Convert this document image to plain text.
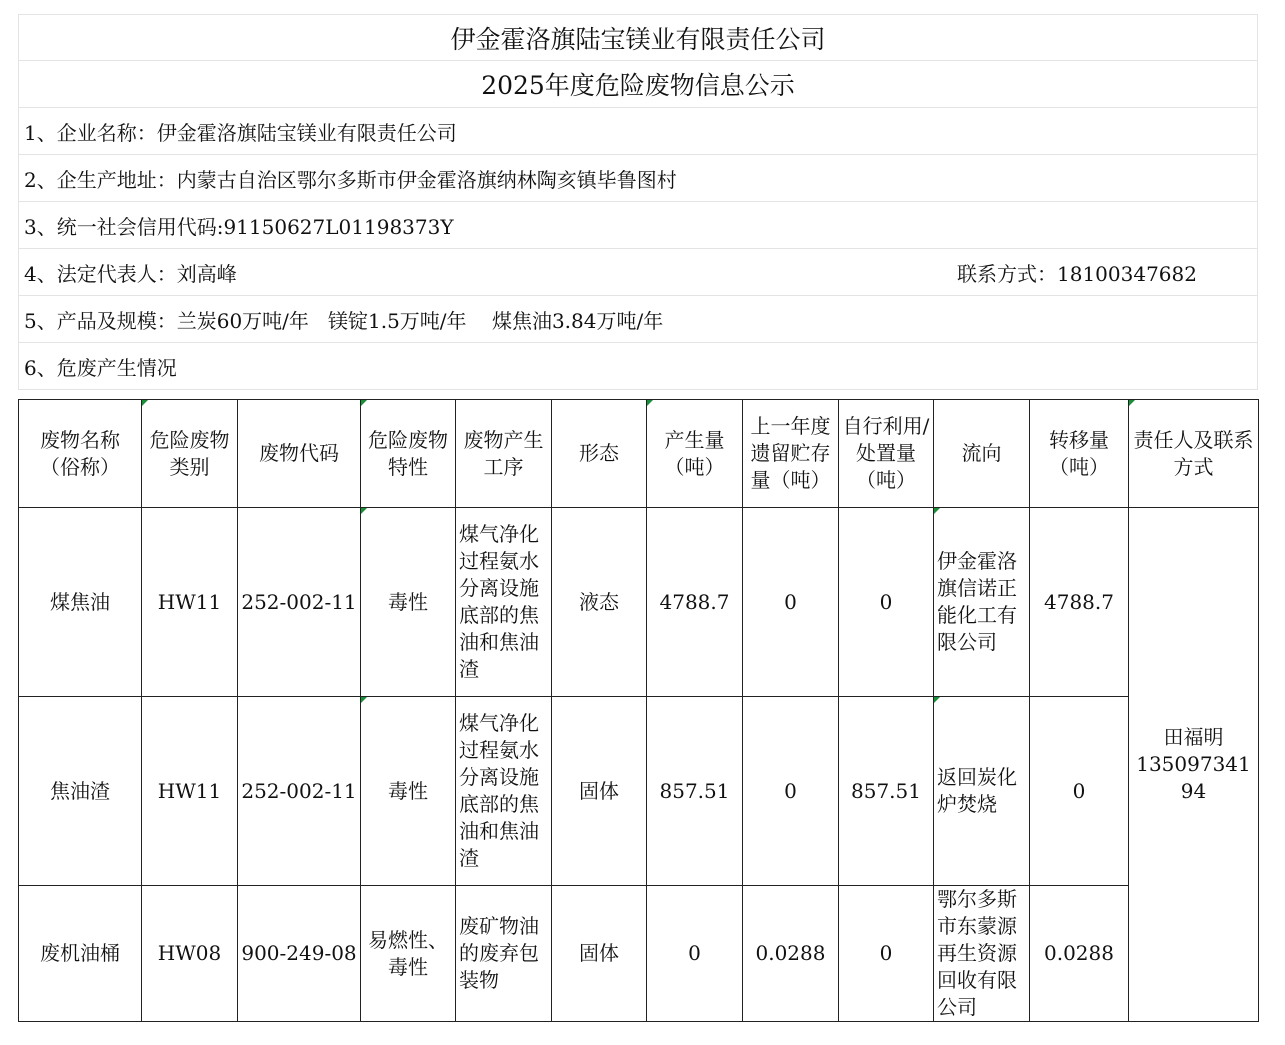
伊金霍洛旗陆宝镁业有限责任公司
2025年度危险废物信息公示
1、企业名称：伊金霍洛旗陆宝镁业有限责任公司
2、企生产地址：内蒙古自治区鄂尔多斯市伊金霍洛旗纳林陶亥镇毕鲁图村
3、统一社会信用代码:91150627L01198373Y
4、法定代表人：刘高峰	联系方式：18100347682
5、产品及规模：兰炭60万吨/年   镁锭1.5万吨/年    煤焦油3.84万吨/年
6、危废产生情况
废物名称（俗称）	危险废物类别	废物代码	危险废物特性	废物产生工序	形态	产生量（吨）	上一年度遗留贮存量（吨）	自行利用/处置量（吨）	流向	转移量（吨）	责任人及联系方式

煤焦油	HW11	252-002-11	毒性	煤气净化过程氨水分离设施底部的焦油和焦油渣	液态	4788.7	0	0	伊金霍洛旗信诺正能化工有限公司	4788.7	田福明
13509734194

焦油渣	HW11	252-002-11	毒性	煤气净化过程氨水分离设施底部的焦油和焦油渣	固体	857.51	0	857.51	返回炭化炉焚烧	0	
废机油桶	HW08	900-249-08	易燃性、毒性	废矿物油的废弃包装物	固体	0	0.0288	0	鄂尔多斯市东蒙源再生资源回收有限公司	0.0288	
